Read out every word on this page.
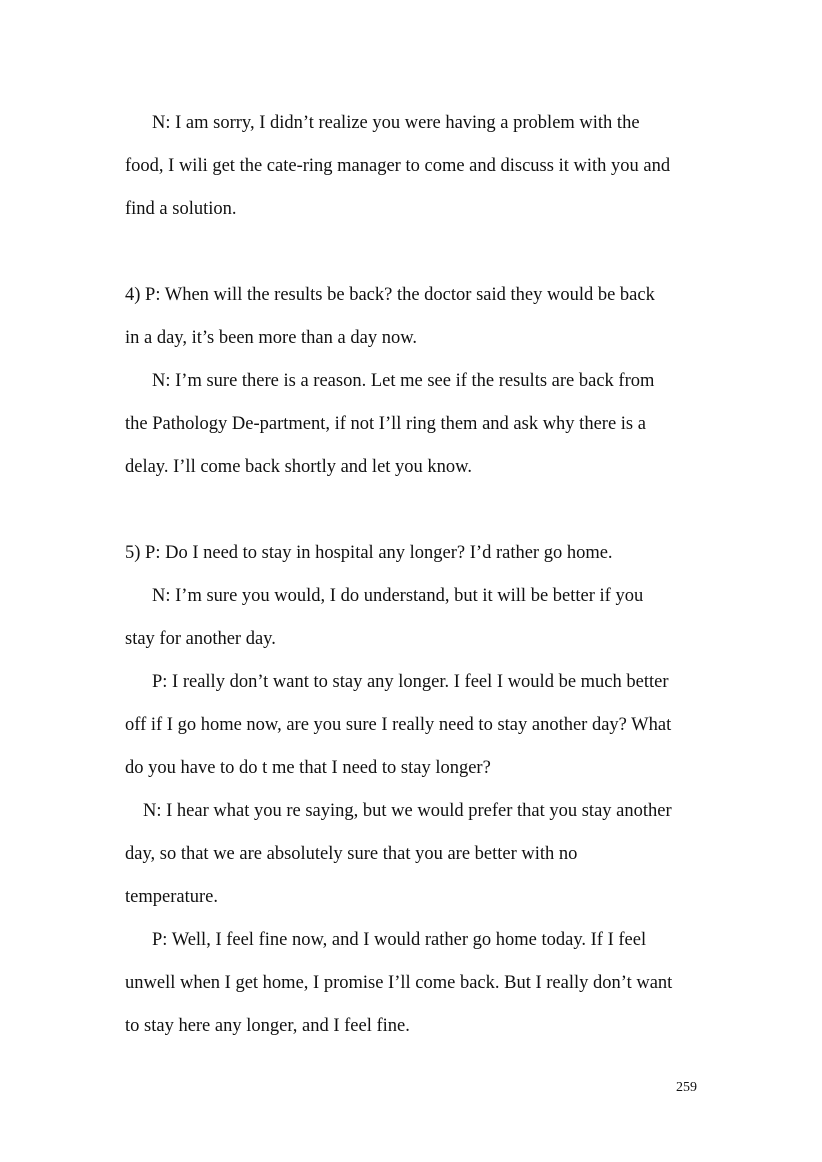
N: I am sorry, I didn’t realize you were having a problem with the
food, I wili get the cate-ring manager to come and discuss it with you and
find a solution.
4) P: When will the results be back? the doctor said they would be back
in a day, it’s been more than a day now.
N: I’m sure there is a reason. Let me see if the results are back from
the Pathology De-partment, if not I’ll ring them and ask why there is a
delay. I’ll come back shortly and let you know.
5) P: Do I need to stay in hospital any longer? I’d rather go home.
N: I’m sure you would, I do understand, but it will be better if you
stay for another day.
P: I really don’t want to stay any longer. I feel I would be much better
off if I go home now, are you sure I really need to stay another day? What
do you have to do t me that I need to stay longer?
N: I hear what you re saying, but we would prefer that you stay another
day, so that we are absolutely sure that you are better with no
temperature.
P: Well, I feel fine now, and I would rather go home today. If I feel
unwell when I get home, I promise I’ll come back. But I really don’t want
to stay here any longer, and I feel fine.
259
